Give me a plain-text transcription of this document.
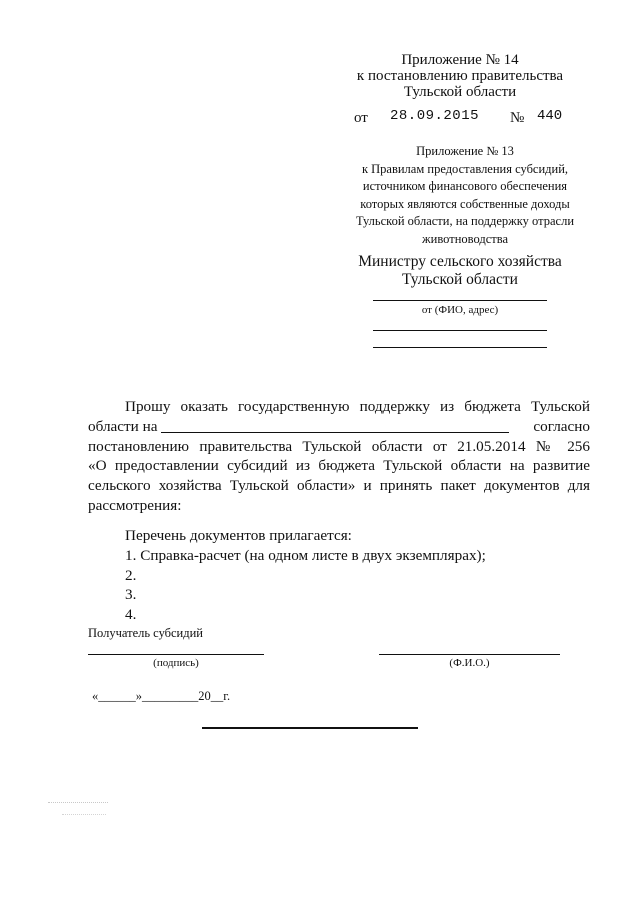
Приложение № 14
к постановлению правительства
Тульской области
от 28.09.2015 № 440
Приложение № 13
к Правилам предоставления субсидий,
источником финансового обеспечения
которых являются собственные доходы
Тульской области, на поддержку отрасли
животноводства
Министру сельского хозяйства
Тульской области
от (ФИО, адрес)
Прошу оказать государственную поддержку из бюджета Тульской
области на	согласно
постановлению правительства Тульской области от 21.05.2014 № 256
«О предоставлении субсидий из бюджета Тульской области на развитие
сельского хозяйства Тульской области» и принять пакет документов для
рассмотрения:
Перечень документов прилагается:
1. Справка-расчет (на одном листе в двух экземплярах);
2.
3.
4.
Получатель субсидий
(подпись)	(Ф.И.О.)
«______»_________20__г.
